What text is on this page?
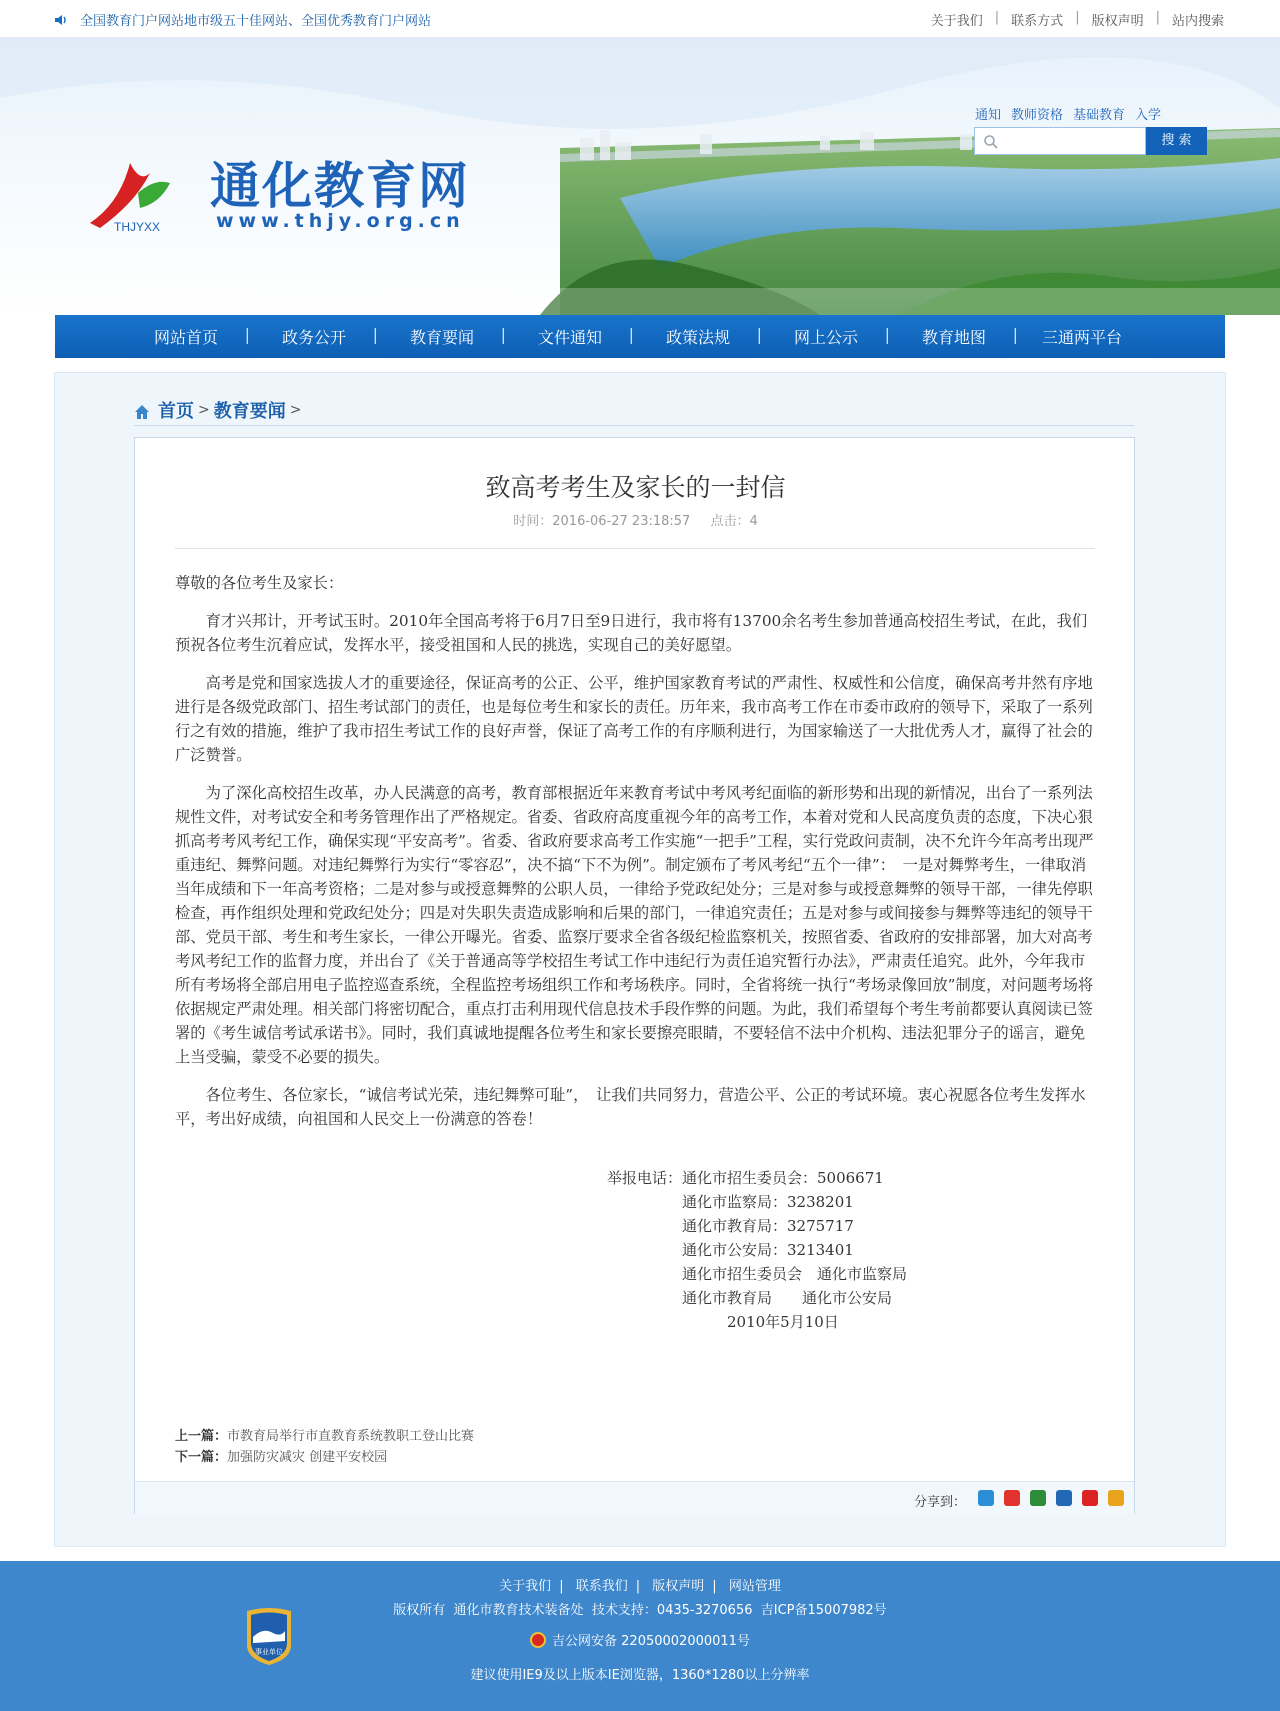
全国教育门户网站地市级五十佳网站、全国优秀教育门户网站	关于我们 | 联系方式 | 版权声明 | 站内搜索
THJYXX
通化教育网
www.thjy.org.cn
通知 教师资格 基础教育 入学
搜 索
网站首页 |	政务公开 |	教育要闻 |	文件通知 |	政策法规 |	网上公示 |	教育地图 |	三通两平台
首页 > 教育要闻 >
致高考考生及家长的一封信
时间：2016-06-27 23:18:57 点击：4

尊敬的各位考生及家长：

育才兴邦计，开考试玉时。2010年全国高考将于6月7日至9日进行，我市将有13700余名考生参加普通高校招生考试，在此，我们预祝各位考生沉着应试，发挥水平，接受祖国和人民的挑选，实现自己的美好愿望。

高考是党和国家选拔人才的重要途径，保证高考的公正、公平，维护国家教育考试的严肃性、权威性和公信度，确保高考井然有序地进行是各级党政部门、招生考试部门的责任，也是每位考生和家长的责任。历年来，我市高考工作在市委市政府的领导下，采取了一系列行之有效的措施，维护了我市招生考试工作的良好声誉，保证了高考工作的有序顺利进行，为国家输送了一大批优秀人才，赢得了社会的广泛赞誉。

为了深化高校招生改革，办人民满意的高考，教育部根据近年来教育考试中考风考纪面临的新形势和出现的新情况，出台了一系列法规性文件，对考试安全和考务管理作出了严格规定。省委、省政府高度重视今年的高考工作，本着对党和人民高度负责的态度，下决心狠抓高考考风考纪工作，确保实现“平安高考”。省委、省政府要求高考工作实施“一把手”工程，实行党政问责制，决不允许今年高考出现严重违纪、舞弊问题。对违纪舞弊行为实行“零容忍”，决不搞“下不为例”。制定颁布了考风考纪“五个一律”：　一是对舞弊考生，一律取消当年成绩和下一年高考资格；二是对参与或授意舞弊的公职人员，一律给予党政纪处分；三是对参与或授意舞弊的领导干部，一律先停职检查，再作组织处理和党政纪处分；四是对失职失责造成影响和后果的部门，一律追究责任；五是对参与或间接参与舞弊等违纪的领导干部、党员干部、考生和考生家长，一律公开曝光。省委、监察厅要求全省各级纪检监察机关，按照省委、省政府的安排部署，加大对高考考风考纪工作的监督力度，并出台了《关于普通高等学校招生考试工作中违纪行为责任追究暂行办法》，严肃责任追究。此外，今年我市所有考场将全部启用电子监控巡查系统，全程监控考场组织工作和考场秩序。同时，全省将统一执行“考场录像回放”制度，对问题考场将依据规定严肃处理。相关部门将密切配合，重点打击利用现代信息技术手段作弊的问题。为此，我们希望每个考生考前都要认真阅读已签署的《考生诚信考试承诺书》。同时，我们真诚地提醒各位考生和家长要擦亮眼睛，不要轻信不法中介机构、违法犯罪分子的谣言，避免上当受骗，蒙受不必要的损失。

各位考生、各位家长，“诚信考试光荣，违纪舞弊可耻”，　让我们共同努力，营造公平、公正的考试环境。衷心祝愿各位考生发挥水平，考出好成绩，向祖国和人民交上一份满意的答卷！

举报电话：通化市招生委员会：5006671
　　　　　通化市监察局：3238201
　　　　　通化市教育局：3275717
　　　　　通化市公安局：3213401
　　　　　通化市招生委员会　通化市监察局
　　　　　通化市教育局　　通化市公安局
　　　　　　　　2010年5月10日
上一篇：市教育局举行市直教育系统教职工登山比赛
下一篇：加强防灾减灾 创建平安校园
分享到：
关于我们 | 联系我们 | 版权声明 | 网站管理
版权所有  通化市教育技术装备处  技术支持：0435-3270656  吉ICP备15007982号
吉公网安备 22050002000011号
建议使用IE9及以上版本IE浏览器，1360*1280以上分辨率
事业单位
